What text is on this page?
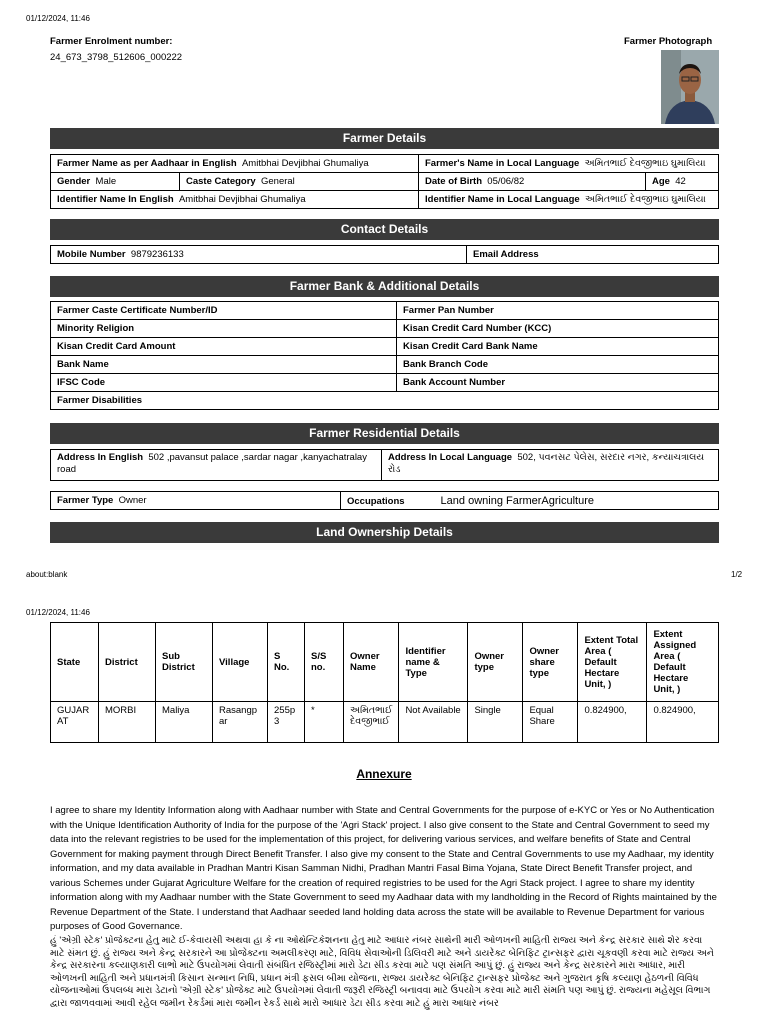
01/12/2024, 11:46
Farmer Enrolment number:
24_673_3798_512606_000222
Farmer Photograph
Farmer Details
Farmer Name as per Aadhaar in English Amitbhai Devjibhai Ghumaliya		Farmer's Name in Local Language અમિતભાઈ દેવજીભાઇ ઘુમાલિયા	
Gender Male	Caste Category General	Date of Birth 05/06/82	Age 42
Identifier Name In English Amitbhai Devjibhai Ghumaliya		Identifier Name in Local Language અમિતભાઈ દેવજીભાઇ ઘુમાલિયા	
Contact Details
Mobile Number 9879236133	Email Address
Farmer Bank & Additional Details
Farmer Caste Certificate Number/ID	Farmer Pan Number
Minority Religion	Kisan Credit Card Number (KCC)
Kisan Credit Card Amount	Kisan Credit Card Bank Name
Bank Name	Bank Branch Code
IFSC Code	Bank Account Number
Farmer Disabilities	
Farmer Residential Details
Address In English 502 ,pavansut palace ,sardar nagar ,kanyachatralay road	Address In Local Language 502, પવનસટ પેલેસ, સરદાર નગર, કન્યાચત્રાલય રોડ
Farmer Type Owner	Occupations	Land owning FarmerAgriculture
Land Ownership Details
about:blank	1/2
01/12/2024, 11:46
State	District	Sub District	Village	S No.	S/S no.	Owner Name	Identifier name & Type	Owner type	Owner share type	Extent Total Area ( Default Hectare Unit, )	Extent Assigned Area ( Default Hectare Unit, )
GUJARAT	MORBI	Maliya	Rasangpar	255p3	*	અમિતભાઈ દેવજીભાઈ	Not Available	Single	Equal Share	0.824900,	0.824900,
Annexure
I agree to share my Identity Information along with Aadhaar number with State and Central Governments for the purpose of e-KYC or Yes or No Authentication with the Unique Identification Authority of India for the purpose of the 'Agri Stack' project. I also give consent to the State and Central Government to seed my data into the relevant registries to be used for the implementation of this project, for delivering various services, and welfare benefits of State and Central Government for making payment through Direct Benefit Transfer. I also give my consent to the State and Central Governments to use my Aadhaar, my identity information, and my data available in Pradhan Mantri Kisan Samman Nidhi, Pradhan Mantri Fasal Bima Yojana, State Direct Benefit Transfer project, and various Schemes under Gujarat Agriculture Welfare for the creation of required registries to be used for the Agri Stack project. I agree to share my identity information along with my Aadhaar number with the State Government to seed my Aadhaar data with my landholding in the Record of Rights maintained by the Revenue Department of the State. I understand that Aadhaar seeded land holding data across the state will be available to Revenue Department for various purposes of Good Governance.
હું 'એગ્રી સ્ટેક' પ્રોજેક્ટના હેતુ માટે ઈ-કેવાયસી અથવા હા કે ના ઓથેન્ટિકેશનના હેતુ માટે આધાર નંબર સાથેની મારી ઓળખની માહિતી રાજ્ય અને કેન્દ્ર સરકાર સાથે શેર કરવા માટે સંમત છું. હું રાજ્ય અને કેન્દ્ર સરકારને આ પ્રોજેક્ટના અમલીકરણ માટે, વિવિધ સેવાઓની ડિલિવરી માટે અને ડાયરેક્ટ બેનિફિટ ટ્રાન્સફર દ્વારા ચૂકવણી કરવા માટે રાજ્ય અને કેન્દ્ર સરકારના કલ્યાણકારી લાભો માટે ઉપયોગમાં લેવાતી સંબંધિત રજિસ્ટ્રીમાં મારો ડેટા સીડ કરવા માટે પણ સંમતિ આપું છું. હું રાજ્ય અને કેન્દ્ર સરકારને મારા આધાર, મારી ઓળખની માહિતી અને પ્રધાનમંત્રી કિસાન સન્માન નિધિ, પ્રધાન મંત્રી ફસલ બીમા યોજના, રાજ્ય ડાયરેક્ટ બેનિફિટ ટ્રાન્સફર પ્રોજેક્ટ અને ગુજરાત કૃષિ કલ્યાણ હેઠળની વિવિધ યોજનાઓમાં ઉપલબ્ધ મારા ડેટાનો 'એગ્રી સ્ટેક' પ્રોજેક્ટ માટે ઉપયોગમાં લેવાતી જરૂરી રજિસ્ટ્રી બનાવવા માટે ઉપયોગ કરવા માટે મારી સંમતિ પણ આપું છું. રાજ્યના મહેસૂલ વિભાગ દ્વારા જાળવવામાં આવી રહેલ જમીન રેકર્ડમાં મારા જમીન રેકર્ડ સાથે મારો આધાર ડેટા સીડ કરવા માટે હું મારા આધાર નંબર
